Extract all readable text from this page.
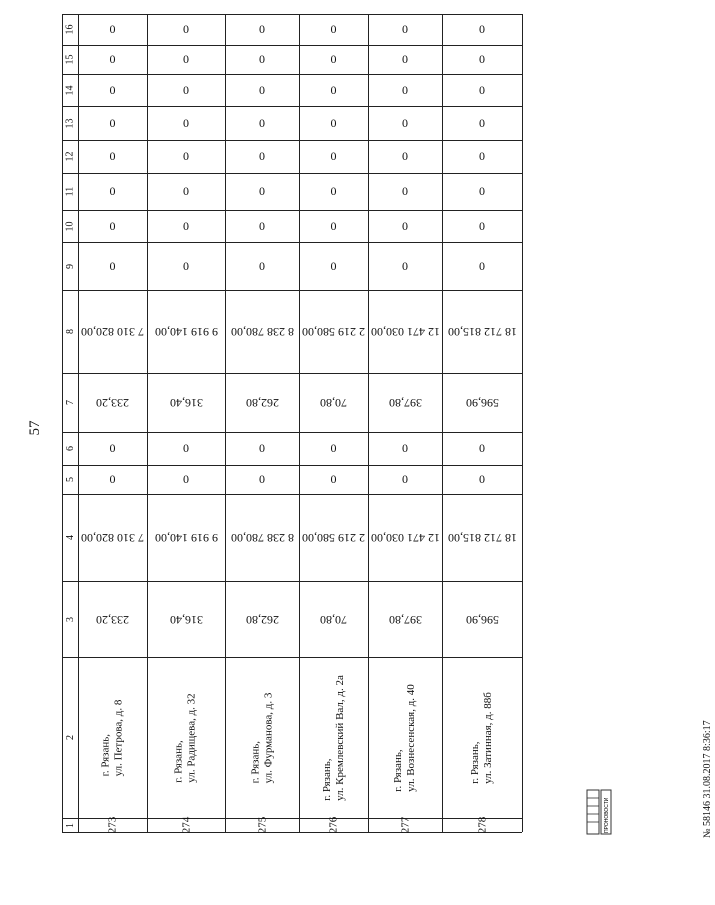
57
1
2
3
4
5
6
7
8
9
10
11
12
13
14
15
16
273
г. Рязань, ул. Петрова, д. 8
233,20
7 310 820,00
0
0
233,20
7 310 820,00
0
0
0
0
0
0
0
0
274
г. Рязань, ул. Радищева, д. 32
316,40
9 919 140,00
0
0
316,40
9 919 140,00
0
0
0
0
0
0
0
0
275
г. Рязань, ул. Фурманова, д. 3
262,80
8 238 780,00
0
0
262,80
8 238 780,00
0
0
0
0
0
0
0
0
276
г. Рязань, ул. Кремлевский Вал, д. 2а
70,80
2 219 580,00
0
0
70,80
2 219 580,00
0
0
0
0
0
0
0
0
277
г. Рязань, ул. Вознесенская, д. 40
397,80
12 471 030,00
0
0
397,80
12 471 030,00
0
0
0
0
0
0
0
0
278
г. Рязань, ул. Затинная, д. 88б
596,90
18 712 815,00
0
0
596,90
18 712 815,00
0
0
0
0
0
0
0
0
ПРОНОВОСТИ	№ 58146 31.08.2017 8:36:17
